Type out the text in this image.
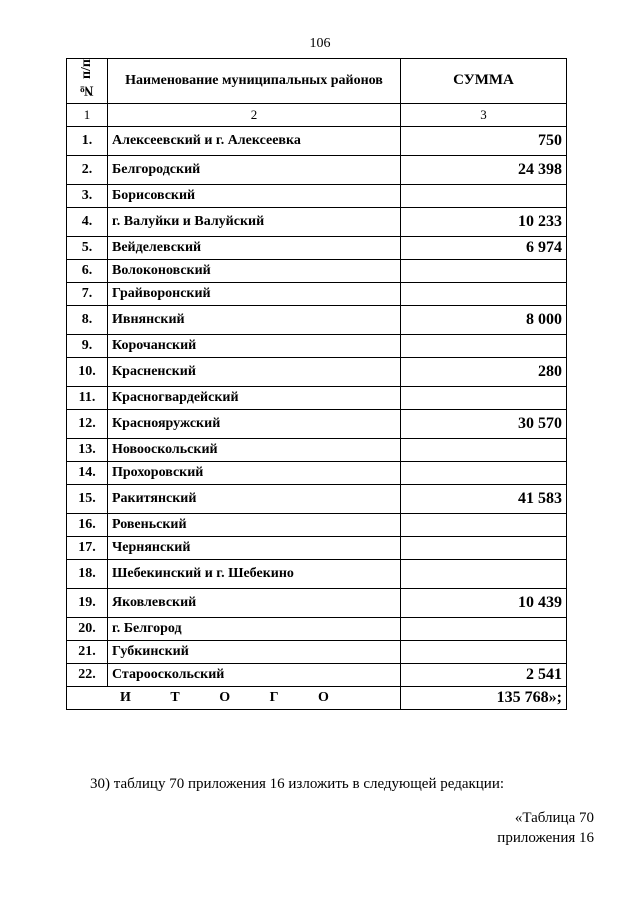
106
№ п/п	Наименование муниципальных районов	СУММА
1	2	3
1.	Алексеевский и г. Алексеевка	750
2.	Белгородский	24 398
3.	Борисовский	
4.	г. Валуйки и Валуйский	10 233
5.	Вейделевский	6 974
6.	Волоконовский	
7.	Грайворонский	
8.	Ивнянский	8 000
9.	Корочанский	
10.	Красненский	280
11.	Красногвардейский	
12.	Краснояружский	30 570
13.	Новооскольский	
14.	Прохоровский	
15.	Ракитянский	41 583
16.	Ровеньский	
17.	Чернянский	
18.	Шебекинский и г. Шебекино	
19.	Яковлевский	10 439
20.	г. Белгород	
21.	Губкинский	
22.	Старооскольский	2 541
И Т О Г О		135 768»;
30) таблицу 70 приложения 16 изложить в следующей редакции:
«Таблица 70
приложения 16
